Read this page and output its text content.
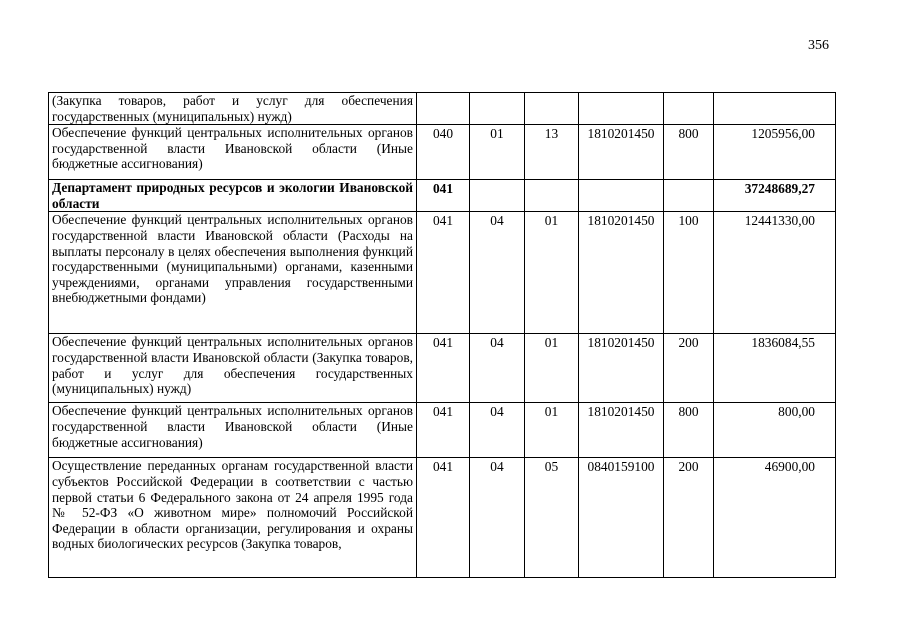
356
(Закупка товаров, работ и услуг для обеспечения государственных (муниципальных) нужд)						
Обеспечение функций центральных исполнительных органов государственной власти Ивановской области (Иные бюджетные ассигнования)	040	01	13	1810201450	800	1205956,00
Департамент природных ресурсов и экологии Ивановской области	041					37248689,27
Обеспечение функций центральных исполнительных органов государственной власти Ивановской области (Расходы на выплаты персоналу в целях обеспечения выполнения функций государственными (муниципальными) органами, казенными учреждениями, органами управления государственными внебюджетными фондами)	041	04	01	1810201450	100	12441330,00
Обеспечение функций центральных исполнительных органов государственной власти Ивановской области (Закупка товаров, работ и услуг для обеспечения государственных (муниципальных) нужд)	041	04	01	1810201450	200	1836084,55
Обеспечение функций центральных исполнительных органов государственной власти Ивановской области (Иные бюджетные ассигнования)	041	04	01	1810201450	800	800,00
Осуществление переданных органам государственной власти субъектов Российской Федерации в соответствии с частью первой статьи 6 Федерального закона от 24 апреля 1995 года № 52-ФЗ «О животном мире» полномочий Российской Федерации в области организации, регулирования и охраны водных биологических ресурсов (Закупка товаров,	041	04	05	0840159100	200	46900,00
